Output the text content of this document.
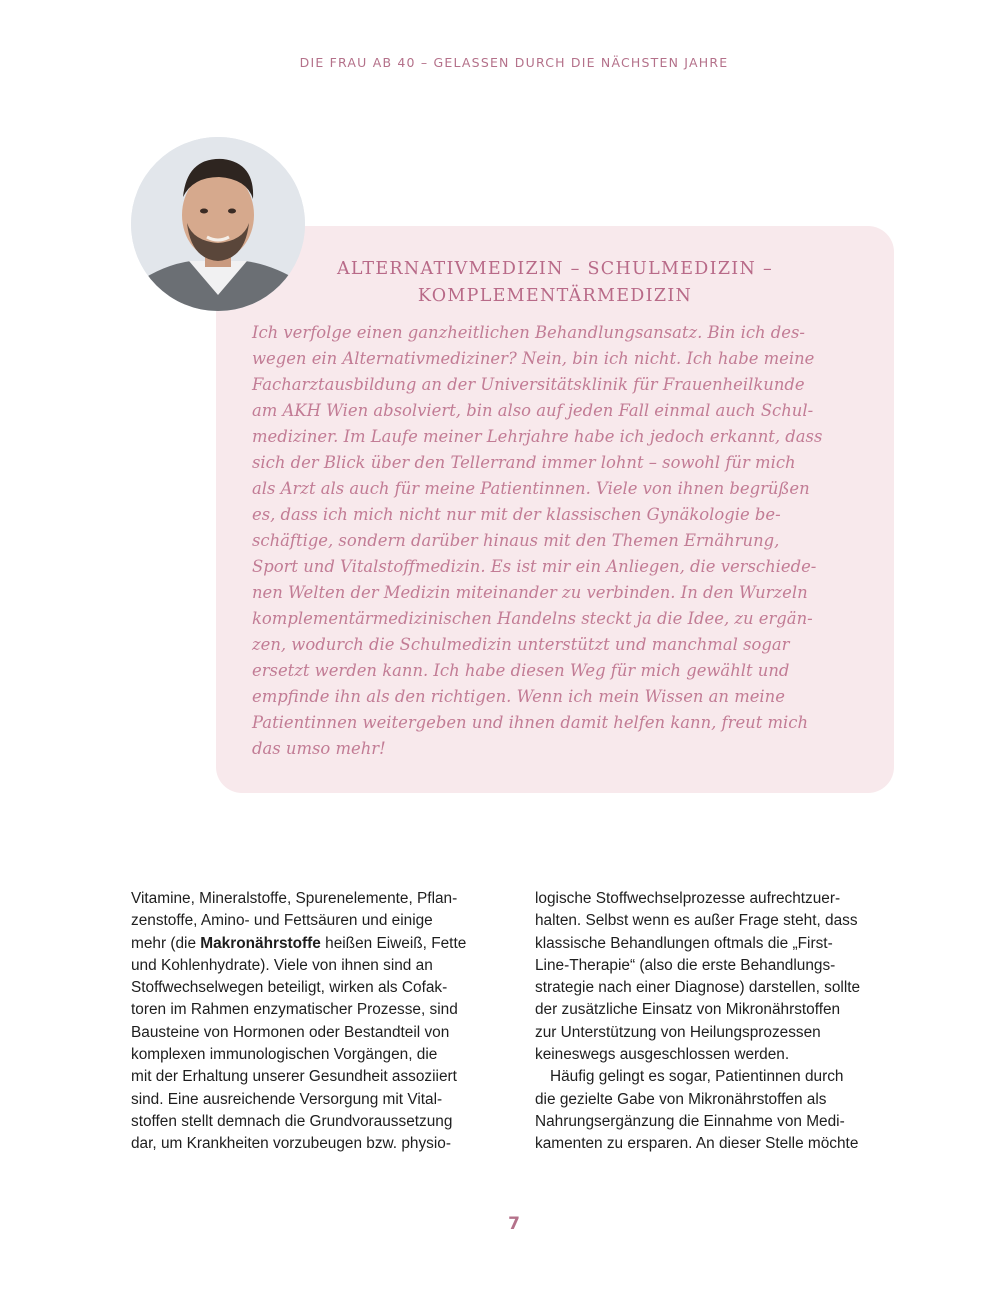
DIE FRAU AB 40 – GELASSEN DURCH DIE NÄCHSTEN JAHRE
ALTERNATIVMEDIZIN – SCHULMEDIZIN –
KOMPLEMENTÄRMEDIZIN

Ich verfolge einen ganzheitlichen Behandlungsansatz. Bin ich des-
wegen ein Alternativmediziner? Nein, bin ich nicht. Ich habe meine
Facharztausbildung an der Universitätsklinik für Frauenheilkunde
am AKH Wien absolviert, bin also auf jeden Fall einmal auch Schul-
mediziner. Im Laufe meiner Lehrjahre habe ich jedoch erkannt, dass
sich der Blick über den Tellerrand immer lohnt – sowohl für mich
als Arzt als auch für meine Patientinnen. Viele von ihnen begrüßen
es, dass ich mich nicht nur mit der klassischen Gynäkologie be-
schäftige, sondern darüber hinaus mit den Themen Ernährung,
Sport und Vitalstoffmedizin. Es ist mir ein Anliegen, die verschiede-
nen Welten der Medizin miteinander zu verbinden. In den Wurzeln
komplementärmedizinischen Handelns steckt ja die Idee, zu ergän-
zen, wodurch die Schulmedizin unterstützt und manchmal sogar
ersetzt werden kann. Ich habe diesen Weg für mich gewählt und
empfinde ihn als den richtigen. Wenn ich mein Wissen an meine
Patientinnen weitergeben und ihnen damit helfen kann, freut mich
das umso mehr!

Vitamine, Mineralstoffe, Spurenelemente, Pflan-
zenstoffe, Amino- und Fettsäuren und einige
mehr (die Makronährstoffe heißen Eiweiß, Fette
und Kohlenhydrate). Viele von ihnen sind an
Stoffwechselwegen beteiligt, wirken als Cofak-
toren im Rahmen enzymatischer Prozesse, sind
Bausteine von Hormonen oder Bestandteil von
komplexen immunologischen Vorgängen, die
mit der Erhaltung unserer Gesundheit assoziiert
sind. Eine ausreichende Versorgung mit Vital-
stoffen stellt demnach die Grundvoraussetzung
dar, um Krankheiten vorzubeugen bzw. physio-
logische Stoffwechselprozesse aufrechtzuer-
halten. Selbst wenn es außer Frage steht, dass
klassische Behandlungen oftmals die „First-
Line-Therapie“ (also die erste Behandlungs-
strategie nach einer Diagnose) darstellen, sollte
der zusätzliche Einsatz von Mikronährstoffen
zur Unterstützung von Heilungsprozessen
keineswegs ausgeschlossen werden.
Häufig gelingt es sogar, Patientinnen durch
die gezielte Gabe von Mikronährstoffen als
Nahrungsergänzung die Einnahme von Medi-
kamenten zu ersparen. An dieser Stelle möchte
7
